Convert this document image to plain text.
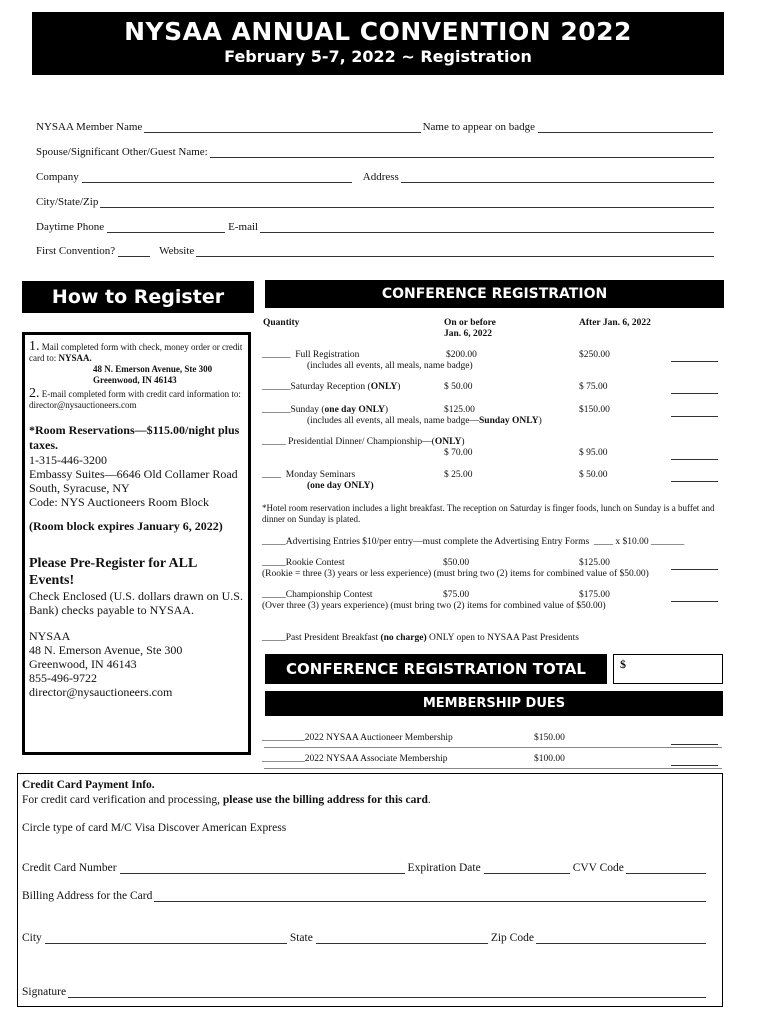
NYSAA ANNUAL CONVENTION 2022
February 5-7, 2022 ~ Registration
NYSAA Member Name	Name to appear on badge
Spouse/Significant Other/Guest Name:
Company	Address
City/State/Zip
Daytime Phone	E-mail
First Convention?	Website
How to Register
1. Mail completed form with check, money order or credit card to: NYSAA.
48 N. Emerson Avenue, Ste 300
Greenwood, IN 46143
2. E-mail completed form with credit card information to:
director@nysauctioneers.com
*Room Reservations—$115.00/night plus taxes.
1-315-446-3200
Embassy Suites—6646 Old Collamer Road South, Syracuse, NY
Code: NYS Auctioneers Room Block
(Room block expires January 6, 2022)
Please Pre-Register for ALL Events!
Check Enclosed (U.S. dollars drawn on U.S. Bank) checks payable to NYSAA.
NYSAA
48 N. Emerson Avenue, Ste 300
Greenwood, IN 46143
855-496-9722
director@nysauctioneers.com
CONFERENCE REGISTRATION
Quantity	On or before
Jan. 6, 2022
After Jan. 6, 2022
______  Full Registration
(includes all events, all meals, name badge)
$200.00	$250.00
______Saturday Reception (ONLY)	$ 50.00	$ 75.00
______Sunday (one day ONLY)
(includes all events, all meals, name badge—Sunday ONLY)
$125.00	$150.00
_____ Presidential Dinner/ Championship—(ONLY)
$ 70.00	$ 95.00
____  Monday Seminars
(one day ONLY)
$ 25.00	$ 50.00
*Hotel room reservation includes a light breakfast. The reception on Saturday is finger foods, lunch on Sunday is a buffet and dinner on Sunday is plated.
_____Advertising Entries $10/per entry—must complete the Advertising Entry Forms  ____ x $10.00 _______
_____Rookie Contest	$50.00	$125.00
(Rookie = three (3) years or less experience) (must bring two (2) items for combined value of $50.00)
_____Championship Contest	$75.00	$175.00
(Over three (3) years experience) (must bring two (2) items for combined value of $50.00)
_____Past President Breakfast (no charge) ONLY open to NYSAA Past Presidents
CONFERENCE REGISTRATION TOTAL	$
MEMBERSHIP DUES
_________2022 NYSAA Auctioneer Membership	$150.00
_________2022 NYSAA Associate Membership	$100.00
Credit Card Payment Info.
For credit card verification and processing, please use the billing address for this card.
Circle type of card M/C Visa Discover American Express
Credit Card Number	Expiration Date	CVV Code
Billing Address for the Card
City	State	Zip Code
Signature
